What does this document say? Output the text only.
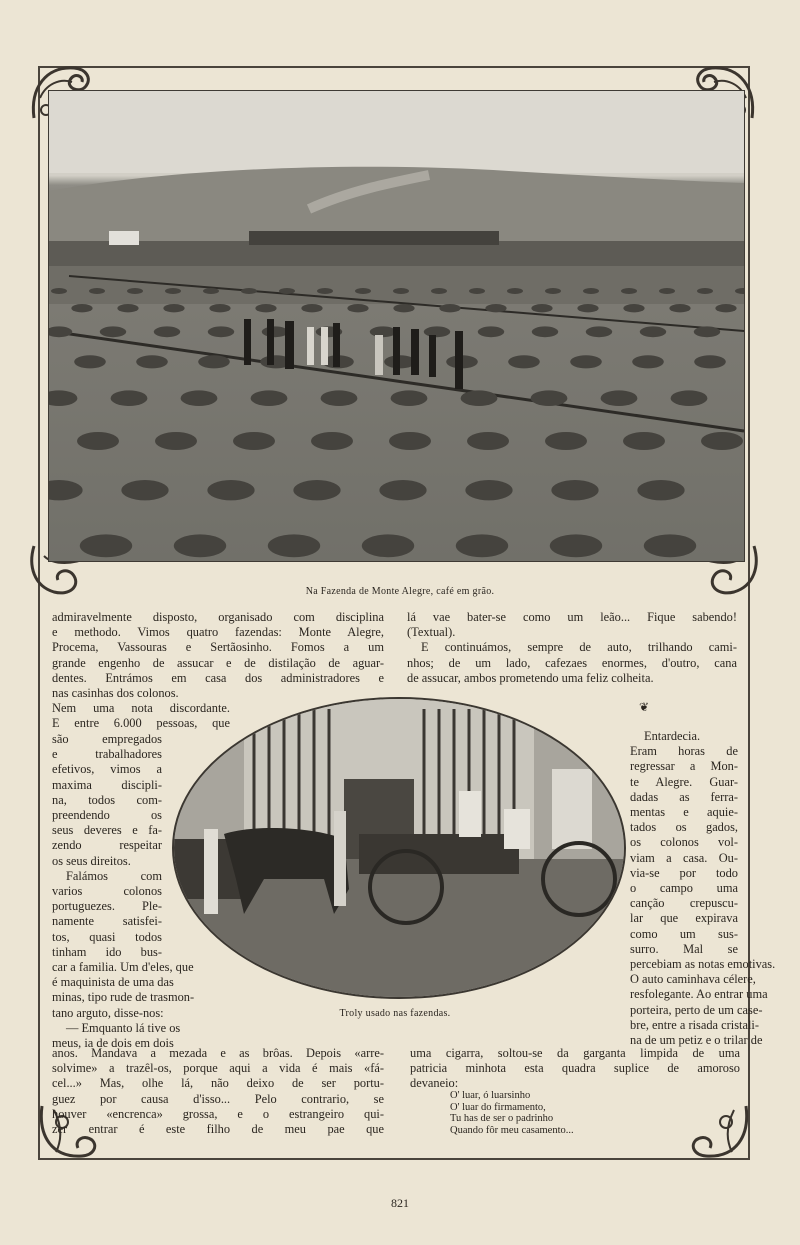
Na Fazenda de Monte Alegre, café em grão.
admiravelmente disposto, organisado com disciplina
e methodo. Vimos quatro fazendas: Monte Alegre,
Procema, Vassouras e Sertãosinho. Fomos a um
grande engenho de assucar e de distilação de aguar-
dentes. Entrámos em casa dos administradores e
nas casinhas dos colonos.
Nem uma nota discordante.
E entre 6.000 pessoas, que
são empregados
e trabalhadores
efetivos, vimos a
maxima discipli-
na, todos com-
preendendo os
seus deveres e fa-
zendo respeitar
os seus direitos.
Falámos com
varios colonos
portuguezes. Ple-
namente satisfei-
tos, quasi todos
tinham ido bus-
car a familia. Um d'eles, que
é maquinista de uma das
minas, tipo rude de trasmon-
tano arguto, disse-nos:
— Emquanto lá tive os
meus, ia de dois em dois
anos. Mandava a mezada e as brôas. Depois «arre-
solvime» a trazêl-os, porque aqui a vida é mais «fá-
cel...» Mas, olhe lá, não deixo de ser portu-
guez por causa d'isso... Pelo contrario, se
houver «encrenca» grossa, e o estrangeiro qui-
zer entrar é este filho de meu pae que
lá vae bater-se como um leão... Fique sabendo!
(Textual).
E continuámos, sempre de auto, trilhando cami-
nhos; de um lado, cafezaes enormes, d'outro, cana
de assucar, ambos prometendo uma feliz colheita.
❦
Entardecia.
Eram horas de
regressar a Mon-
te Alegre. Guar-
dadas as ferra-
mentas e aquie-
tados os gados,
os colonos vol-
viam a casa. Ou-
via-se por todo
o campo uma
canção crepuscu-
lar que expirava
como um sus-
surro. Mal se
percebiam as notas emotivas.
O auto caminhava célere,
resfolegante. Ao entrar uma
porteira, perto de um case-
bre, entre a risada cristali-
na de um petiz e o trilar de
uma cigarra, soltou-se da garganta limpida de uma
patricia minhota esta quadra suplice de amoroso
devaneio:
Troly usado nas fazendas.
O' luar, ó luarsinho
O' luar do firmamento,
Tu has de ser o padrinho
Quando fôr meu casamento...
821
